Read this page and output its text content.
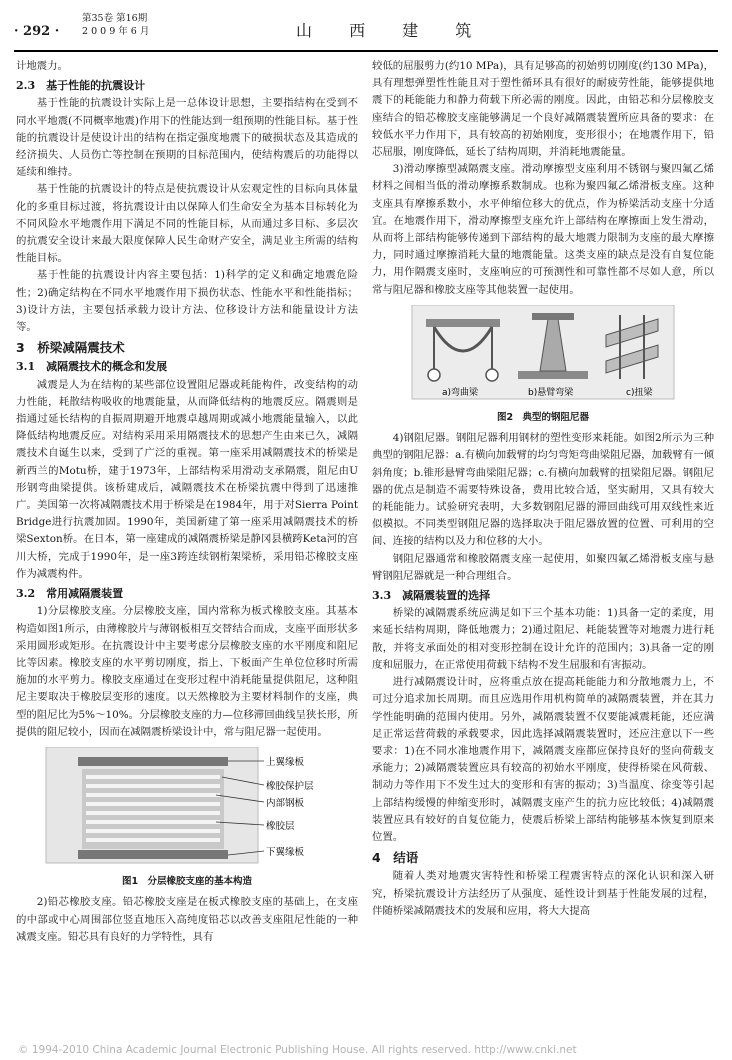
· 292 ·
第35卷 第16期
2 0 0 9 年 6 月	山 西 建 筑

计地震力。

2.3　基于性能的抗震设计

基于性能的抗震设计实际上是一总体设计思想，主要指结构在受到不同水平地震(不同概率地震)作用下的性能达到一组预期的性能目标。基于性能的抗震设计是使设计出的结构在指定强度地震下的破损状态及其造成的经济损失、人员伤亡等控制在预期的目标范围内，使结构震后的功能得以延续和维持。

基于性能的抗震设计的特点是使抗震设计从宏观定性的目标向具体量化的多重目标过渡，将抗震设计由以保障人们生命安全为基本目标转化为不同风险水平地震作用下满足不同的性能目标，从而通过多目标、多层次的抗震安全设计来最大限度保障人民生命财产安全，满足业主所需的结构性能目标。

基于性能的抗震设计内容主要包括：1)科学的定义和确定地震危险性；2)确定结构在不同水平地震作用下损伤状态、性能水平和性能指标；3)设计方法，主要包括承载力设计方法、位移设计方法和能量设计方法等。

3　桥梁减隔震技术
3.1　减隔震技术的概念和发展

减震是人为在结构的某些部位设置阻尼器或耗能构件，改变结构的动力性能，耗散结构吸收的地震能量，从而降低结构的地震反应。隔震则是指通过延长结构的自振周期避开地震卓越周期或减小地震能量输入，以此降低结构地震反应。对结构采用采用隔震技术的思想产生由来已久，减隔震技术自诞生以来，受到了广泛的重视。第一座采用减隔震技术的桥梁是新西兰的Motu桥，建于1973年，上部结构采用滑动支承隔震，阻尼由U形钢弯曲梁提供。该桥建成后，减隔震技术在桥梁抗震中得到了迅速推广。美国第一次将减隔震技术用于桥梁是在1984年，用于对Sierra Point Bridge进行抗震加固。1990年，美国新建了第一座采用减隔震技术的桥梁Sexton桥。在日本，第一座建成的减隔震桥梁是静冈县横跨Keta河的宫川大桥，完成于1990年，是一座3跨连续钢桁架梁桥，采用铅芯橡胶支座作为减震构件。

3.2　常用减隔震装置

1)分层橡胶支座。分层橡胶支座，国内常称为板式橡胶支座。其基本构造如图1所示，由薄橡胶片与薄钢板相互交替结合而成，支座平面形状多采用圆形或矩形。在抗震设计中主要考虑分层橡胶支座的水平刚度和阻尼比等因素。橡胶支座的水平剪切刚度，指上、下板面产生单位位移时所需施加的水平剪力。橡胶支座通过在变形过程中消耗能量提供阻尼，这种阻尼主要取决于橡胶层变形的速度。以天然橡胶为主要材料制作的支座，典型的阻尼比为5%～10%。分层橡胶支座的力—位移滞回曲线呈狭长形，所提供的阻尼较小，因而在减隔震桥梁设计中，常与阻尼器一起使用。

上翼缘板
橡胶保护层
内部钢板
橡胶层
下翼缘板
图1　分层橡胶支座的基本构造

2)铅芯橡胶支座。铅芯橡胶支座是在板式橡胶支座的基础上，在支座的中部或中心周围部位竖直地压入高纯度铅芯以改善支座阻尼性能的一种减震支座。铅芯具有良好的力学特性，具有

较低的屈服剪力(约10 MPa)，具有足够高的初始剪切刚度(约130 MPa)，具有理想弹塑性性能且对于塑性循环具有很好的耐疲劳性能，能够提供地震下的耗能能力和静力荷载下所必需的刚度。因此，由铅芯和分层橡胶支座结合的铅芯橡胶支座能够满足一个良好减隔震装置所应具备的要求：在较低水平力作用下，具有较高的初始刚度，变形很小；在地震作用下，铅芯屈服，刚度降低，延长了结构周期，并消耗地震能量。

3)滑动摩擦型减隔震支座。滑动摩擦型支座利用不锈钢与聚四氟乙烯材料之间相当低的滑动摩擦系数制成。也称为聚四氟乙烯滑板支座。这种支座具有摩擦系数小，水平伸缩位移大的优点，作为桥梁活动支座十分适宜。在地震作用下，滑动摩擦型支座允许上部结构在摩擦面上发生滑动，从而将上部结构能够传递到下部结构的最大地震力限制为支座的最大摩擦力，同时通过摩擦消耗大量的地震能量。这类支座的缺点是没有自复位能力，用作隔震支座时，支座响应的可预测性和可靠性都不尽如人意，所以常与阻尼器和橡胶支座等其他装置一起使用。

a)弯曲梁	b)悬臂弯梁	c)扭梁
图2　典型的钢阻尼器

4)钢阻尼器。钢阻尼器利用钢材的塑性变形来耗能。如图2所示为三种典型的钢阻尼器：a.有横向加载臂的均匀弯矩弯曲梁阻尼器，加载臂有一倾斜角度；b.锥形悬臂弯曲梁阻尼器；c.有横向加载臂的扭梁阻尼器。钢阻尼器的优点是制造不需要特殊设备，费用比较合适，坚实耐用，又具有较大的耗能能力。试验研究表明，大多数钢阻尼器的滞回曲线可用双线性来近似模拟。不同类型钢阻尼器的选择取决于阻尼器放置的位置、可利用的空间、连接的结构以及力和位移的大小。

钢阻尼器通常和橡胶隔震支座一起使用，如聚四氟乙烯滑板支座与悬臂钢阻尼器就是一种合理组合。

3.3　减隔震装置的选择

桥梁的减隔震系统应满足如下三个基本功能：1)具备一定的柔度，用来延长结构周期，降低地震力；2)通过阻尼、耗能装置等对地震力进行耗散，并将支承面处的相对变形控制在设计允许的范围内；3)具备一定的刚度和屈服力，在正常使用荷载下结构不发生屈服和有害振动。

进行减隔震设计时，应将重点放在提高耗能能力和分散地震力上，不可过分追求加长周期。而且应选用作用机构简单的减隔震装置，并在其力学性能明确的范围内使用。另外，减隔震装置不仅要能减震耗能，还应满足正常运营荷载的承载要求，因此选择减隔震装置时，还应注意以下一些要求：1)在不同水准地震作用下，减隔震支座都应保持良好的竖向荷载支承能力；2)减隔震装置应具有较高的初始水平刚度，使得桥梁在风荷载、制动力等作用下不发生过大的变形和有害的振动；3)当温度、徐变等引起上部结构缓慢的伸缩变形时，减隔震支座产生的抗力应比较低；4)减隔震装置应具有较好的自复位能力，使震后桥梁上部结构能够基本恢复到原来位置。

4　结语

随着人类对地震灾害特性和桥梁工程震害特点的深化认识和深入研究，桥梁抗震设计方法经历了从强度、延性设计到基于性能发展的过程，伴随桥梁减隔震技术的发展和应用，将大大提高

© 1994-2010 China Academic Journal Electronic Publishing House. All rights reserved. http://www.cnki.net
